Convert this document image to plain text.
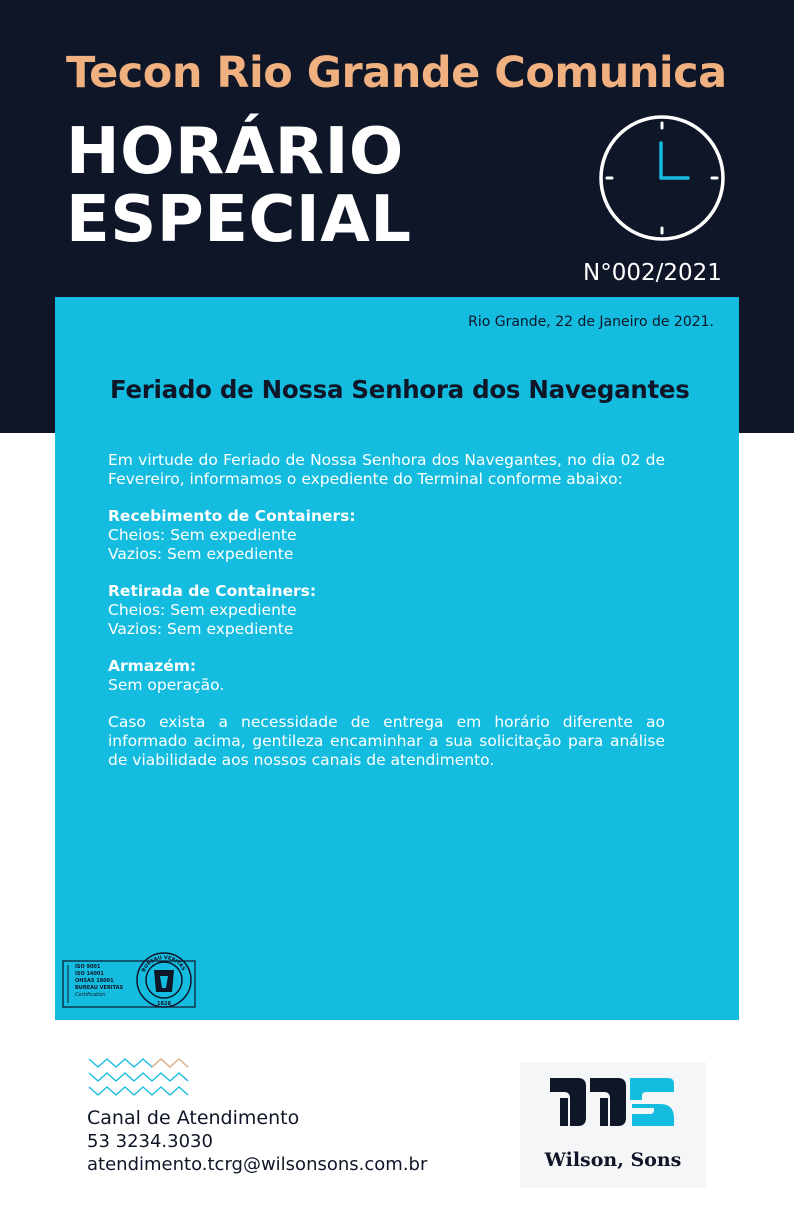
Tecon Rio Grande Comunica
HORÁRIO
ESPECIAL
N°002/2021
Rio Grande, 22 de Janeiro de 2021.
Feriado de Nossa Senhora dos Navegantes

Em virtude do Feriado de Nossa Senhora dos Navegantes, no dia 02 de Fevereiro, informamos o expediente do Terminal conforme abaixo:

Recebimento de Containers:

Cheios: Sem expediente

Vazios: Sem expediente

Retirada de Containers:

Cheios: Sem expediente

Vazios: Sem expediente

Armazém:

Sem operação.

Caso exista a necessidade de entrega em horário diferente ao informado acima, gentileza encaminhar a sua solicitação para análise de viabilidade aos nossos canais de atendimento.

ISO 9001
ISO 14001
OHSAS 18001
BUREAU VERITAS
Certification
BUREAU VERITAS
1828
Canal de Atendimento
53 3234.3030
atendimento.tcrg@wilsonsons.com.br	Wilson, Sons
